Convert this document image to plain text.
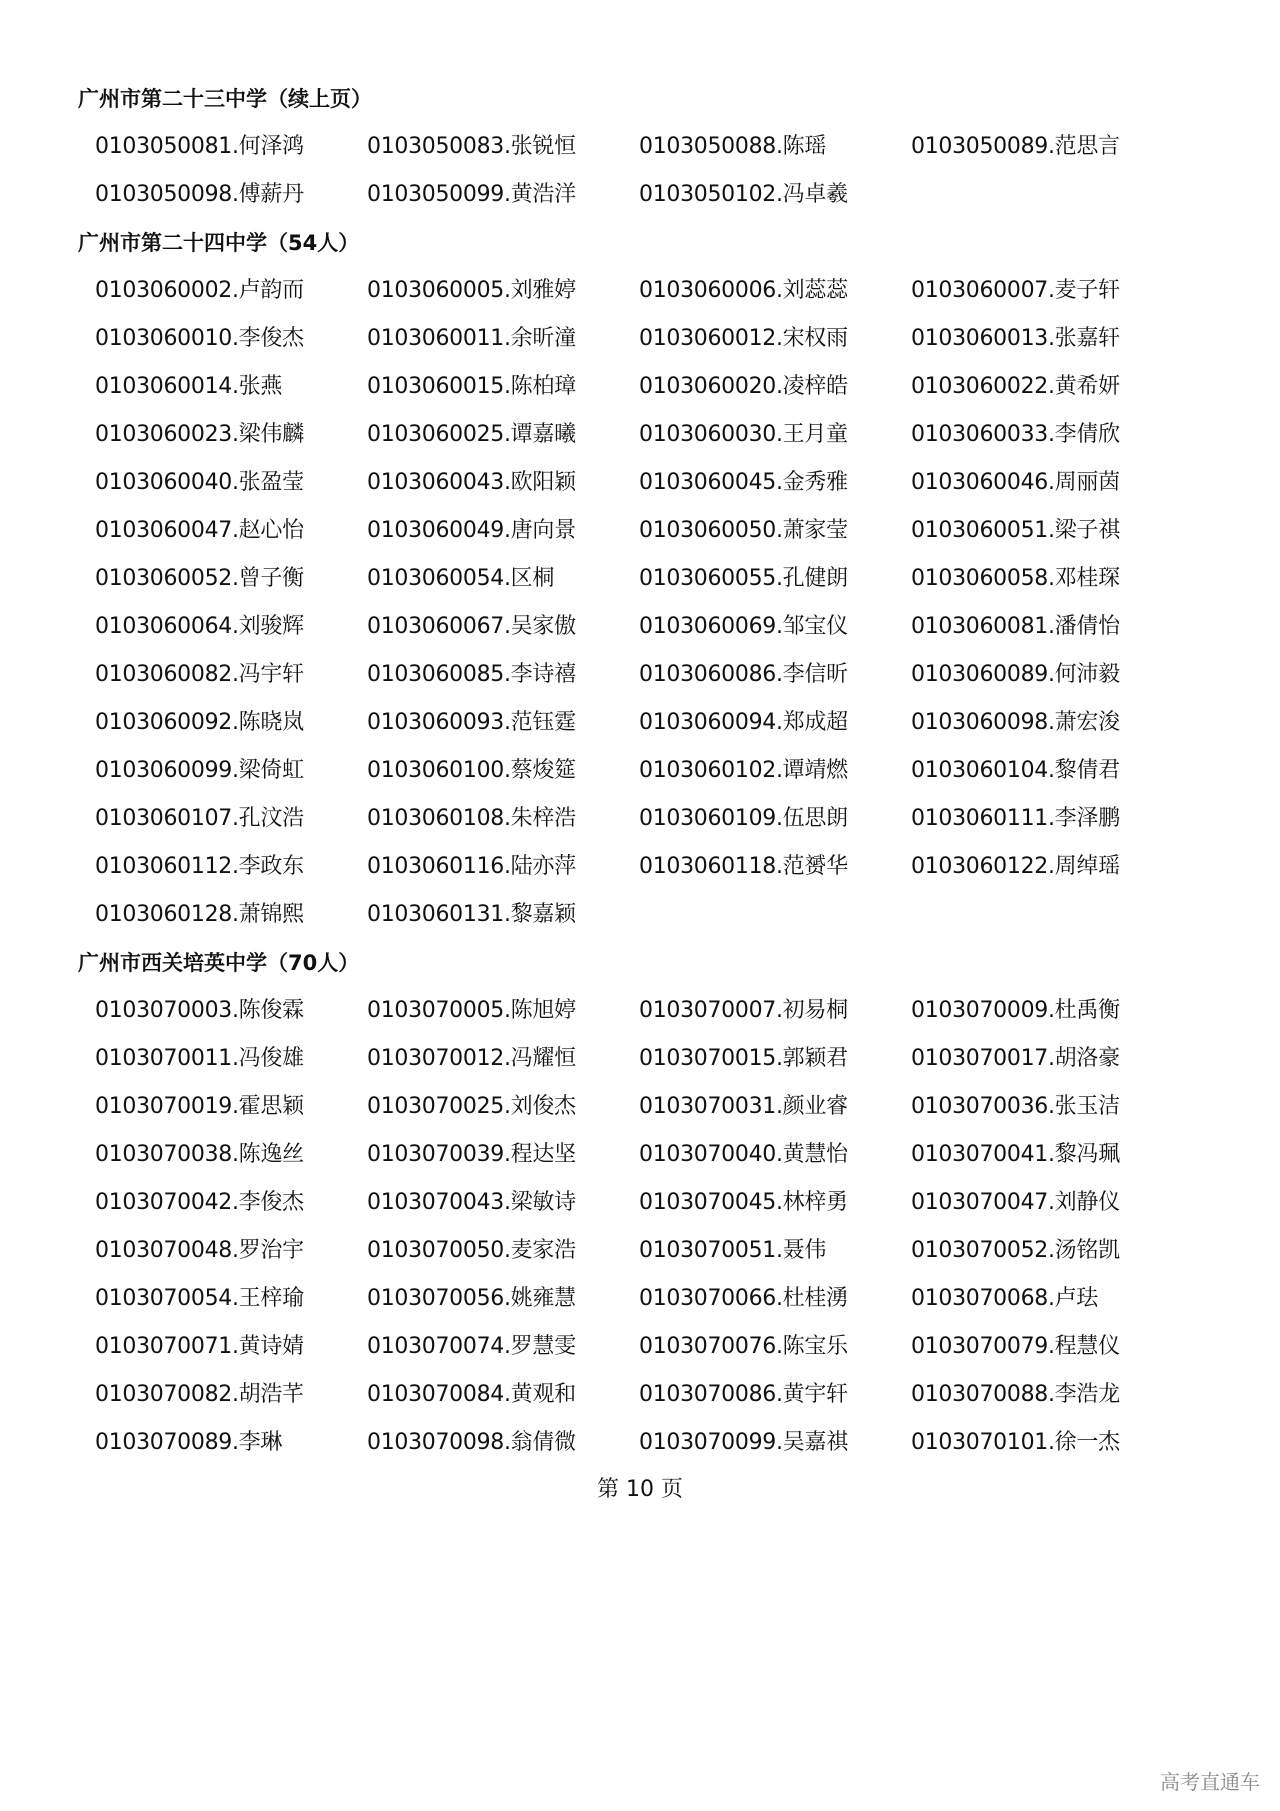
广州市第二十三中学（续上页）
0103050081.何泽鸿	0103050083.张锐恒	0103050088.陈瑶	0103050089.范思言
0103050098.傅薪丹	0103050099.黄浩洋	0103050102.冯卓羲
广州市第二十四中学（54人）
0103060002.卢韵而	0103060005.刘雅婷	0103060006.刘蕊蕊	0103060007.麦子轩
0103060010.李俊杰	0103060011.余昕潼	0103060012.宋权雨	0103060013.张嘉轩
0103060014.张燕	0103060015.陈柏璋	0103060020.凌梓皓	0103060022.黄希妍
0103060023.梁伟麟	0103060025.谭嘉曦	0103060030.王月童	0103060033.李倩欣
0103060040.张盈莹	0103060043.欧阳颖	0103060045.金秀雅	0103060046.周丽茵
0103060047.赵心怡	0103060049.唐向景	0103060050.萧家莹	0103060051.梁子祺
0103060052.曾子衡	0103060054.区桐	0103060055.孔健朗	0103060058.邓桂琛
0103060064.刘骏辉	0103060067.吴家傲	0103060069.邹宝仪	0103060081.潘倩怡
0103060082.冯宇轩	0103060085.李诗禧	0103060086.李信昕	0103060089.何沛毅
0103060092.陈晓岚	0103060093.范钰霆	0103060094.郑成超	0103060098.萧宏浚
0103060099.梁倚虹	0103060100.蔡焌筵	0103060102.谭靖燃	0103060104.黎倩君
0103060107.孔汶浩	0103060108.朱梓浩	0103060109.伍思朗	0103060111.李泽鹏
0103060112.李政东	0103060116.陆亦萍	0103060118.范赟华	0103060122.周绰瑶
0103060128.萧锦熙	0103060131.黎嘉颖
广州市西关培英中学（70人）
0103070003.陈俊霖	0103070005.陈旭婷	0103070007.初易桐	0103070009.杜禹衡
0103070011.冯俊雄	0103070012.冯耀恒	0103070015.郭颖君	0103070017.胡洛豪
0103070019.霍思颖	0103070025.刘俊杰	0103070031.颜业睿	0103070036.张玉洁
0103070038.陈逸丝	0103070039.程达坚	0103070040.黄慧怡	0103070041.黎冯珮
0103070042.李俊杰	0103070043.梁敏诗	0103070045.林梓勇	0103070047.刘静仪
0103070048.罗治宇	0103070050.麦家浩	0103070051.聂伟	0103070052.汤铭凯
0103070054.王梓瑜	0103070056.姚雍慧	0103070066.杜桂湧	0103070068.卢珐
0103070071.黄诗婧	0103070074.罗慧雯	0103070076.陈宝乐	0103070079.程慧仪
0103070082.胡浩芊	0103070084.黄观和	0103070086.黄宇轩	0103070088.李浩龙
0103070089.李琳	0103070098.翁倩微	0103070099.吴嘉祺	0103070101.徐一杰
第 10 页
高考直通车
